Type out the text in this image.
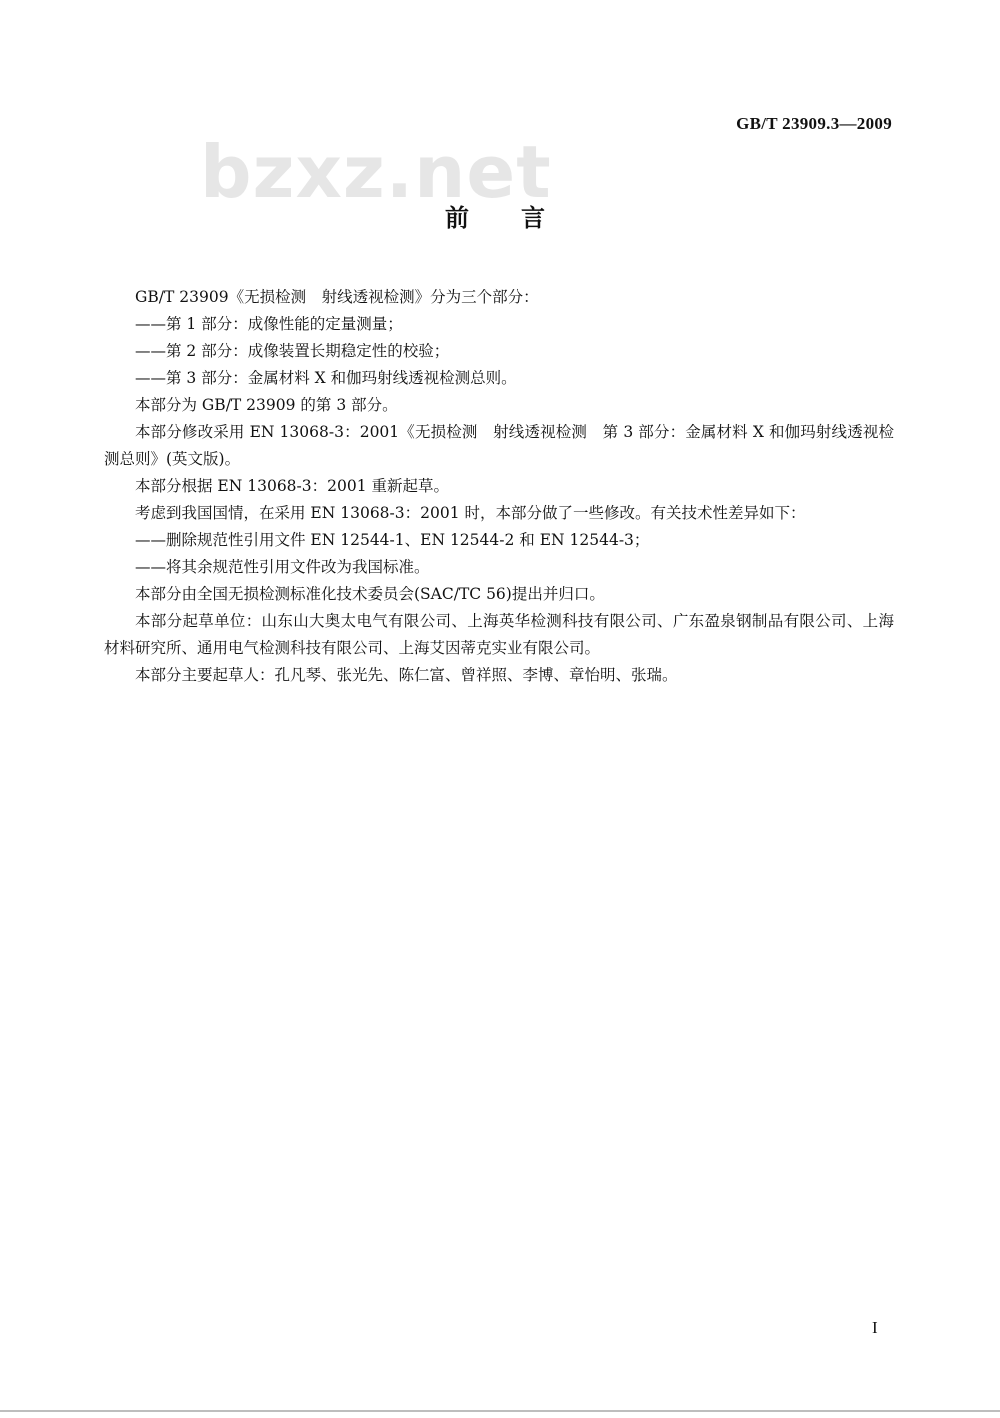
GB/T 23909.3—2009
bzxz.net
前言

GB/T 23909《无损检测　射线透视检测》分为三个部分：

——第 1 部分：成像性能的定量测量；

——第 2 部分：成像装置长期稳定性的校验；

——第 3 部分：金属材料 X 和伽玛射线透视检测总则。

本部分为 GB/T 23909 的第 3 部分。

本部分修改采用 EN 13068-3：2001《无损检测　射线透视检测　第 3 部分：金属材料 X 和伽玛射线透视检测总则》(英文版)。

本部分根据 EN 13068-3：2001 重新起草。

考虑到我国国情，在采用 EN 13068-3：2001 时，本部分做了一些修改。有关技术性差异如下：

——删除规范性引用文件 EN 12544-1、EN 12544-2 和 EN 12544-3；

——将其余规范性引用文件改为我国标准。

本部分由全国无损检测标准化技术委员会(SAC/TC 56)提出并归口。

本部分起草单位：山东山大奥太电气有限公司、上海英华检测科技有限公司、广东盈泉钢制品有限公司、上海材料研究所、通用电气检测科技有限公司、上海艾因蒂克实业有限公司。

本部分主要起草人：孔凡琴、张光先、陈仁富、曾祥照、李博、章怡明、张瑞。

I
